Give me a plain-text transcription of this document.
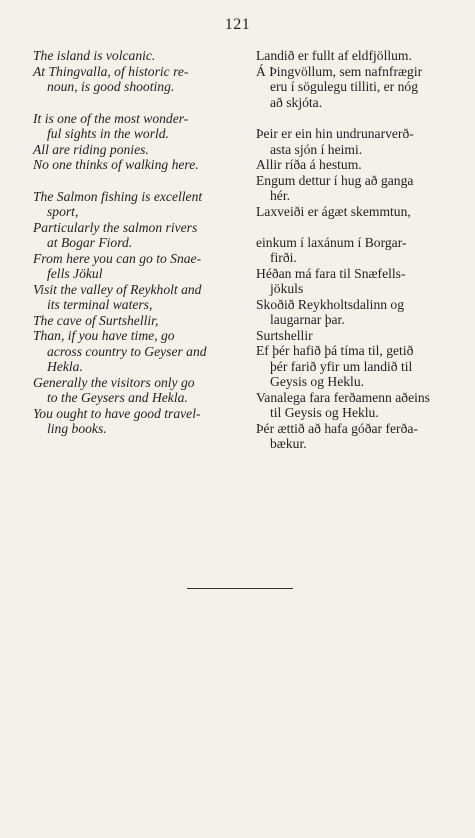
121
The island is volcanic.
At Thingvalla, of historic re-
noun, is good shooting.
It is one of the most wonder-
ful sights in the world.
All are riding ponies.
No one thinks of walking here.
The Salmon fishing is excellent
sport,
Particularly the salmon rivers
at Bogar Fiord.
From here you can go to Snae-
fells Jökul
Visit the valley of Reykholt and
its terminal waters,
The cave of Surtshellir,
Than, if you have time, go
across country to Geyser and
Hekla.
Generally the visitors only go
to the Geysers and Hekla.
You ought to have good travel-
ling books.
Landið er fullt af eldfjöllum.
Á Þingvöllum, sem nafnfrægir
eru í sögulegu tilliti, er nóg
að skjóta.
Þeir er ein hin undrunarverð-
asta sjón í heimi.
Allir ríða á hestum.
Engum dettur í hug að ganga
hér.
Laxveiði er ágæt skemmtun,
einkum í laxánum í Borgar-
firði.
Héðan má fara til Snæfells-
jökuls
Skoðið Reykholtsdalinn og
laugarnar þar.
Surtshellir
Ef þér hafið þá tíma til, getið
þér farið yfir um landið til
Geysis og Heklu.
Vanalega fara ferðamenn aðeins
til Geysis og Heklu.
Þér ættið að hafa góðar ferða-
bækur.
